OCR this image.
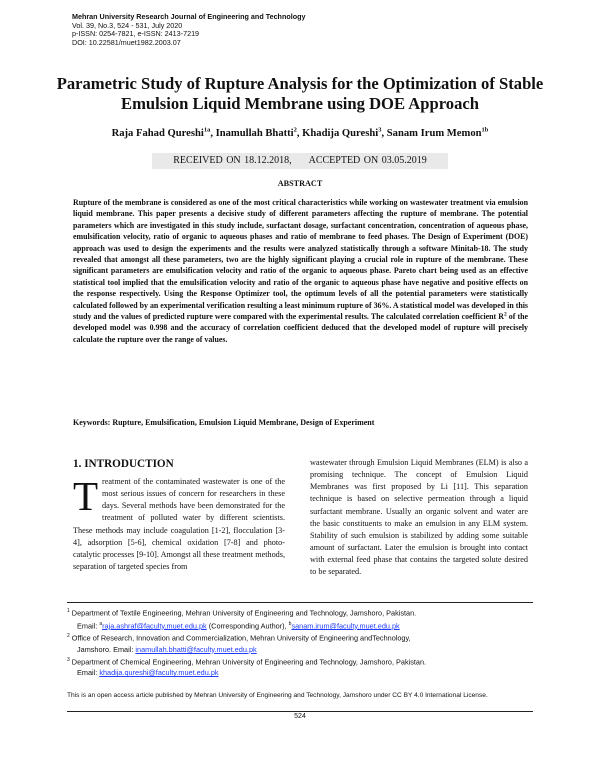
Mehran University Research Journal of Engineering and Technology
Vol. 39, No.3, 524 - 531, July 2020
p-ISSN: 0254-7821, e-ISSN: 2413-7219
DOI: 10.22581/muet1982.2003.07
Parametric Study of Rupture Analysis for the Optimization of Stable Emulsion Liquid Membrane using DOE Approach
Raja Fahad Qureshi$^{1a}$, Inamullah Bhatti$^2$, Khadija Qureshi$^3$, Sanam Irum Memon$^{1b}$
RECEIVED ON 18.12.2018, ACCEPTED ON 03.05.2019
ABSTRACT

Rupture of the membrane is considered as one of the most critical characteristics while working on wastewater treatment via emulsion liquid membrane. This paper presents a decisive study of different parameters affecting the rupture of membrane. The potential parameters which are investigated in this study include, surfactant dosage, surfactant concentration, concentration of aqueous phase, emulsification velocity, ratio of organic to aqueous phases and ratio of membrane to feed phases. The Design of Experiment (DOE) approach was used to design the experiments and the results were analyzed statistically through a software Minitab-18. The study revealed that amongst all these parameters, two are the highly significant playing a crucial role in rupture of the membrane. These significant parameters are emulsification velocity and ratio of the organic to aqueous phase. Pareto chart being used as an effective statistical tool implied that the emulsification velocity and ratio of the organic to aqueous phase have negative and positive effects on the response respectively. Using the Response Optimizer tool, the optimum levels of all the potential parameters were statistically calculated followed by an experimental verification resulting a least minimum rupture of 36%. A statistical model was developed in this study and the values of predicted rupture were compared with the experimental results. The calculated correlation coefficient $R^2$ of the developed model was 0.998 and the accuracy of correlation coefficient deduced that the developed model of rupture will precisely calculate the rupture over the range of values.

Keywords: Rupture, Emulsification, Emulsion Liquid Membrane, Design of Experiment
1. INTRODUCTION

Treatment of the contaminated wastewater is one of the most serious issues of concern for researchers in these days. Several methods have been demonstrated for the treatment of polluted water by different scientists. These methods may include coagulation [1-2], flocculation [3-4], adsorption [5-6], chemical oxidation [7-8] and photo-catalytic processes [9-10]. Amongst all these treatment methods, separation of targeted species from

wastewater through Emulsion Liquid Membranes (ELM) is also a promising technique. The concept of Emulsion Liquid Membranes was first proposed by Li [11]. This separation technique is based on selective permeation through a liquid surfactant membrane. Usually an organic solvent and water are the basic constituents to make an emulsion in any ELM system. Stability of such emulsion is stabilized by adding some suitable amount of surfactant. Later the emulsion is brought into contact with external feed phase that contains the targeted solute desired to be separated.

$^1$ Department of Textile Engineering, Mehran University of Engineering and Technology, Jamshoro, Pakistan.

Email: $^a$raja.ashraf@faculty.muet.edu.pk (Corresponding Author), $^b$sanam.irum@faculty.muet.edu.pk

$^2$ Office of Research, Innovation and Commercialization, Mehran University of Engineering andTechnology,

Jamshoro. Email: inamullah.bhatti@faculty.muet.edu.pk

$^3$ Department of Chemical Engineering, Mehran University of Engineering and Technology, Jamshoro, Pakistan.

Email: khadija.qureshi@faculty.muet.edu.pk

This is an open access article published by Mehran University of Engineering and Technology, Jamshoro under CC BY 4.0 International License.
524
